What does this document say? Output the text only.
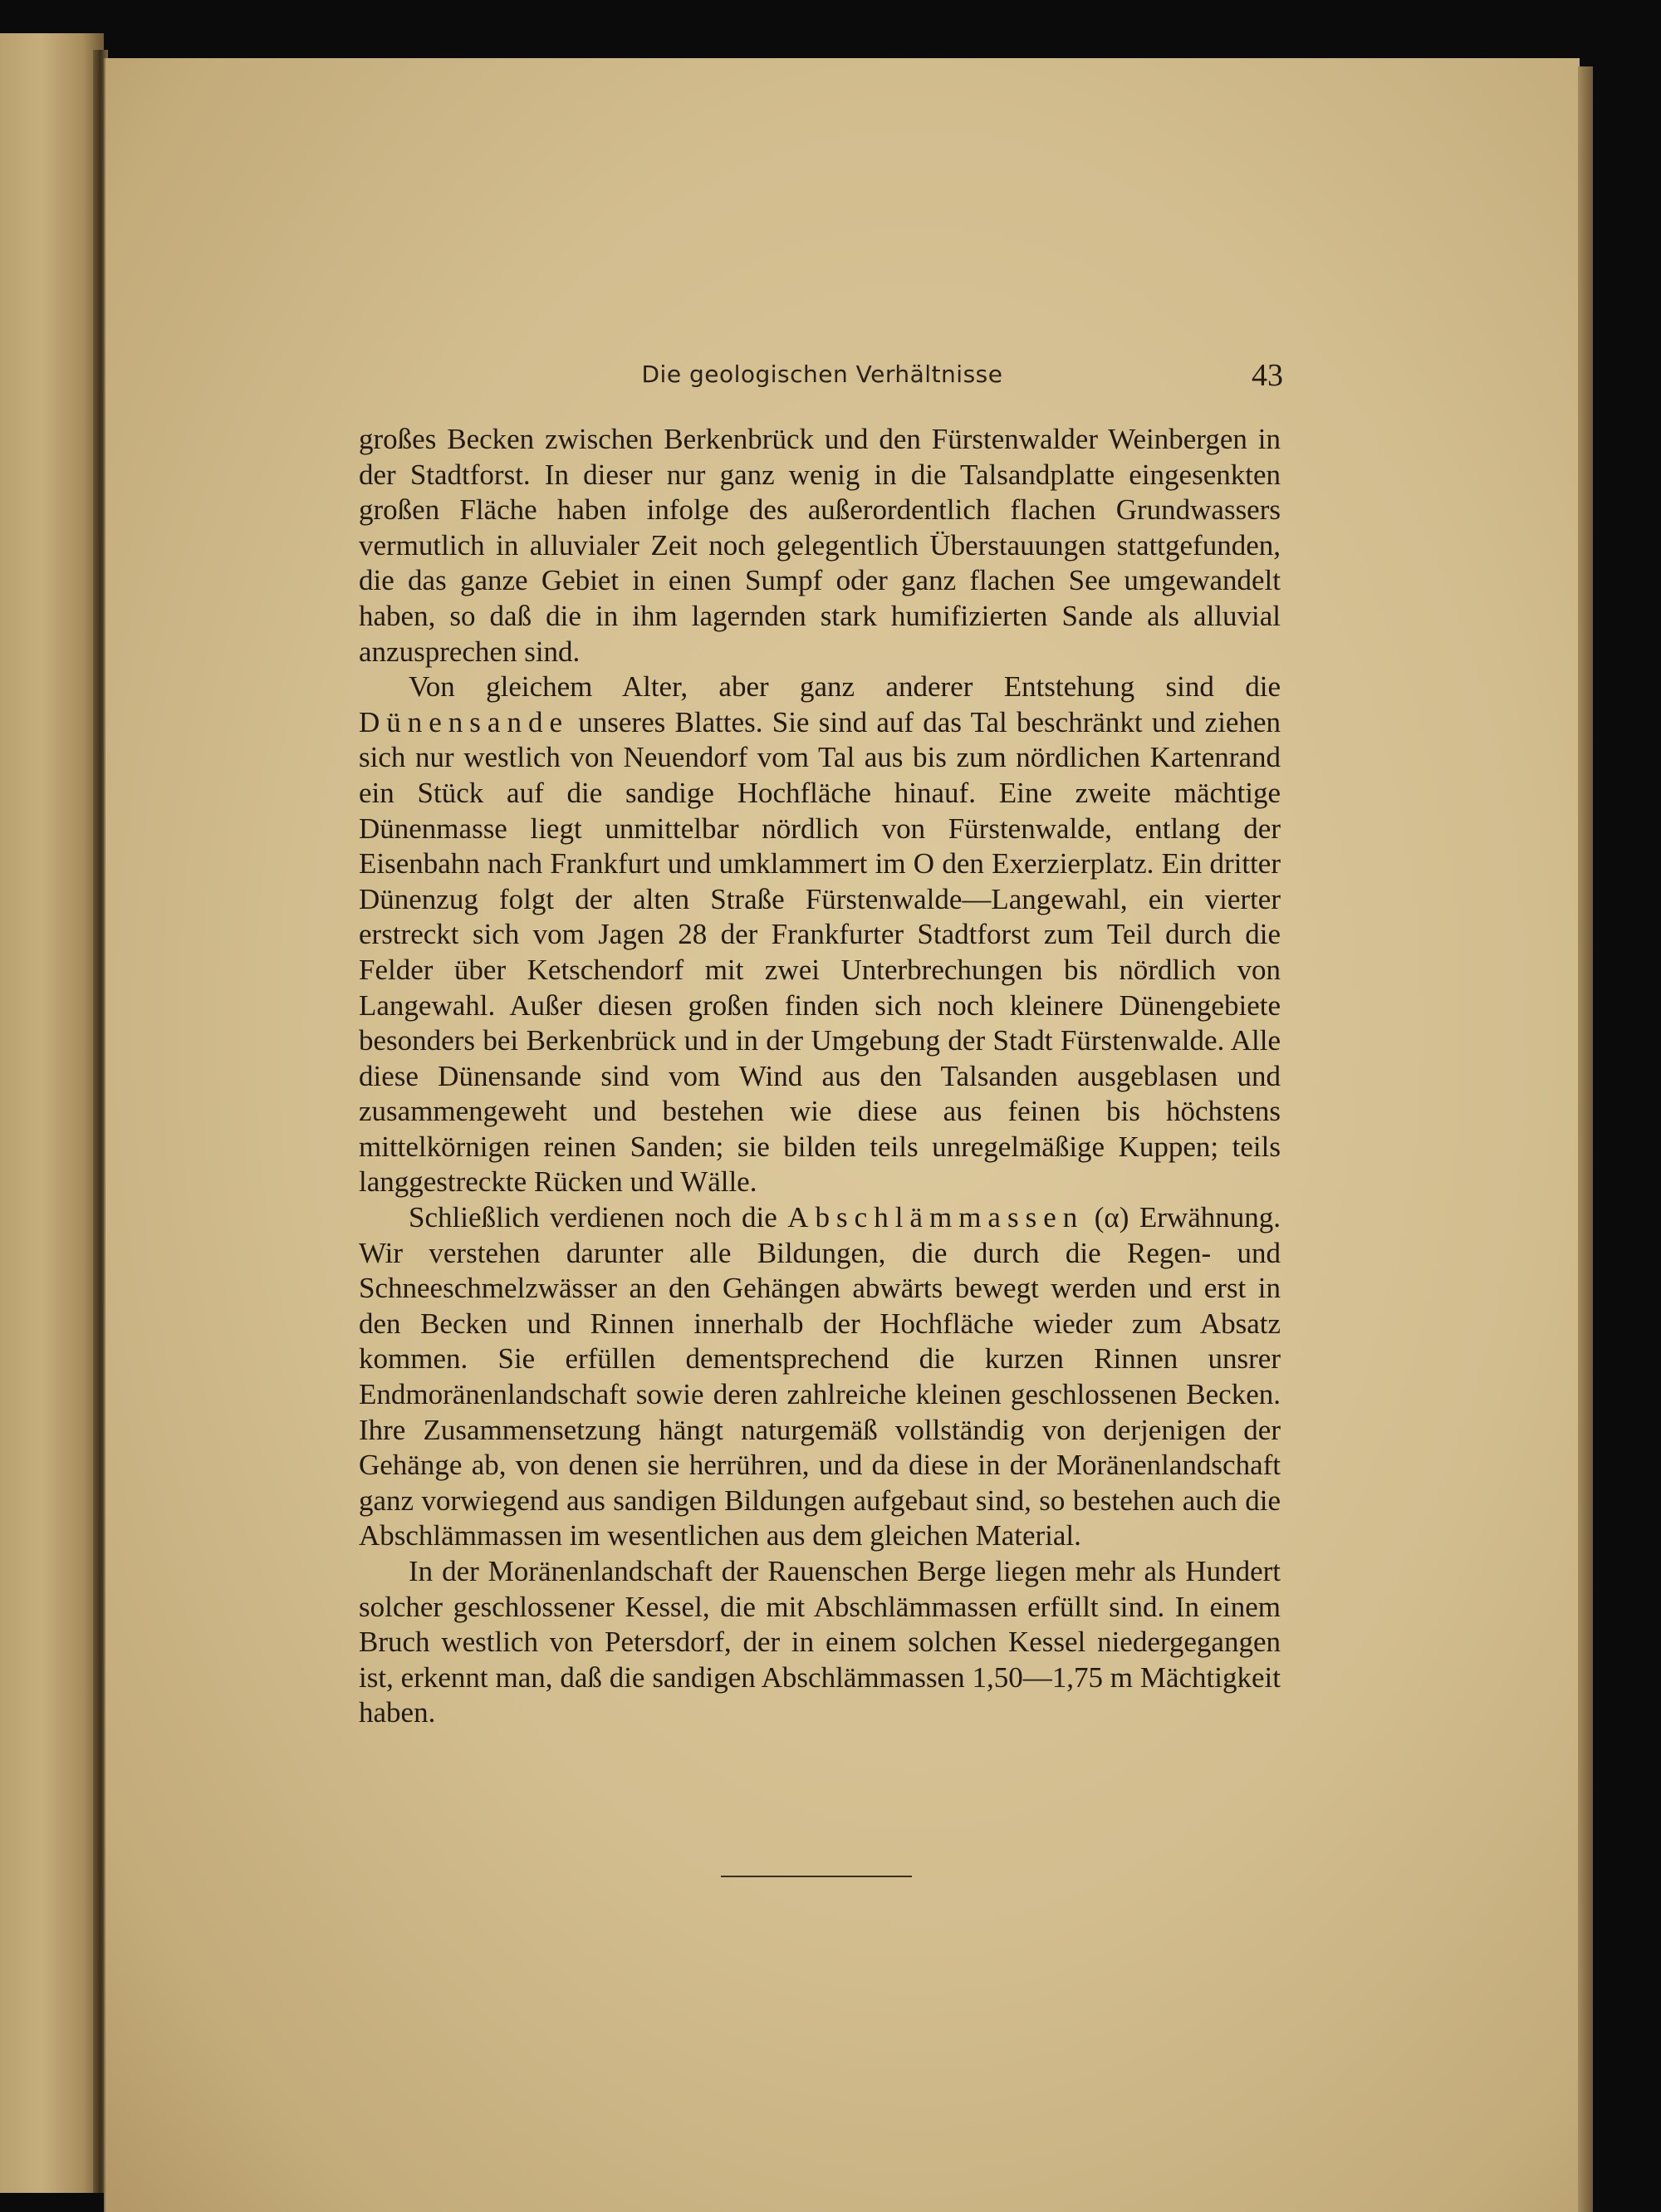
Die geologischen Verhältnisse	43

großes Becken zwischen Berkenbrück und den Fürstenwalder Weinbergen in der Stadtforst. In dieser nur ganz wenig in die Talsandplatte eingesenkten großen Fläche haben infolge des außerordentlich flachen Grundwassers vermutlich in alluvialer Zeit noch gelegentlich Überstauungen stattgefunden, die das ganze Gebiet in einen Sumpf oder ganz flachen See umgewandelt haben, so daß die in ihm lagernden stark humifizierten Sande als alluvial anzusprechen sind.

Von gleichem Alter, aber ganz anderer Entstehung sind die Dünensande unseres Blattes. Sie sind auf das Tal beschränkt und ziehen sich nur westlich von Neuendorf vom Tal aus bis zum nördlichen Kartenrand ein Stück auf die sandige Hochfläche hinauf. Eine zweite mächtige Dünenmasse liegt unmittelbar nördlich von Fürstenwalde, entlang der Eisenbahn nach Frankfurt und umklammert im O den Exerzierplatz. Ein dritter Dünenzug folgt der alten Straße Fürstenwalde—Langewahl, ein vierter erstreckt sich vom Jagen 28 der Frankfurter Stadtforst zum Teil durch die Felder über Ketschendorf mit zwei Unterbrechungen bis nördlich von Langewahl. Außer diesen großen finden sich noch kleinere Dünengebiete besonders bei Berkenbrück und in der Umgebung der Stadt Fürstenwalde. Alle diese Dünensande sind vom Wind aus den Talsanden ausgeblasen und zusammengeweht und bestehen wie diese aus feinen bis höchstens mittelkörnigen reinen Sanden; sie bilden teils unregelmäßige Kuppen; teils langgestreckte Rücken und Wälle.

Schließlich verdienen noch die Abschlämmassen (α) Erwähnung. Wir verstehen darunter alle Bildungen, die durch die Regen- und Schneeschmelzwässer an den Gehängen abwärts bewegt werden und erst in den Becken und Rinnen innerhalb der Hochfläche wieder zum Absatz kommen. Sie erfüllen dementsprechend die kurzen Rinnen unsrer Endmoränenlandschaft sowie deren zahlreiche kleinen geschlossenen Becken. Ihre Zusammensetzung hängt naturgemäß vollständig von derjenigen der Gehänge ab, von denen sie herrühren, und da diese in der Moränenlandschaft ganz vorwiegend aus sandigen Bildungen aufgebaut sind, so bestehen auch die Abschlämmassen im wesentlichen aus dem gleichen Material.

In der Moränenlandschaft der Rauenschen Berge liegen mehr als Hundert solcher geschlossener Kessel, die mit Abschlämmassen erfüllt sind. In einem Bruch westlich von Petersdorf, der in einem solchen Kessel niedergegangen ist, erkennt man, daß die sandigen Abschlämmassen 1,50—1,75 m Mächtigkeit haben.
